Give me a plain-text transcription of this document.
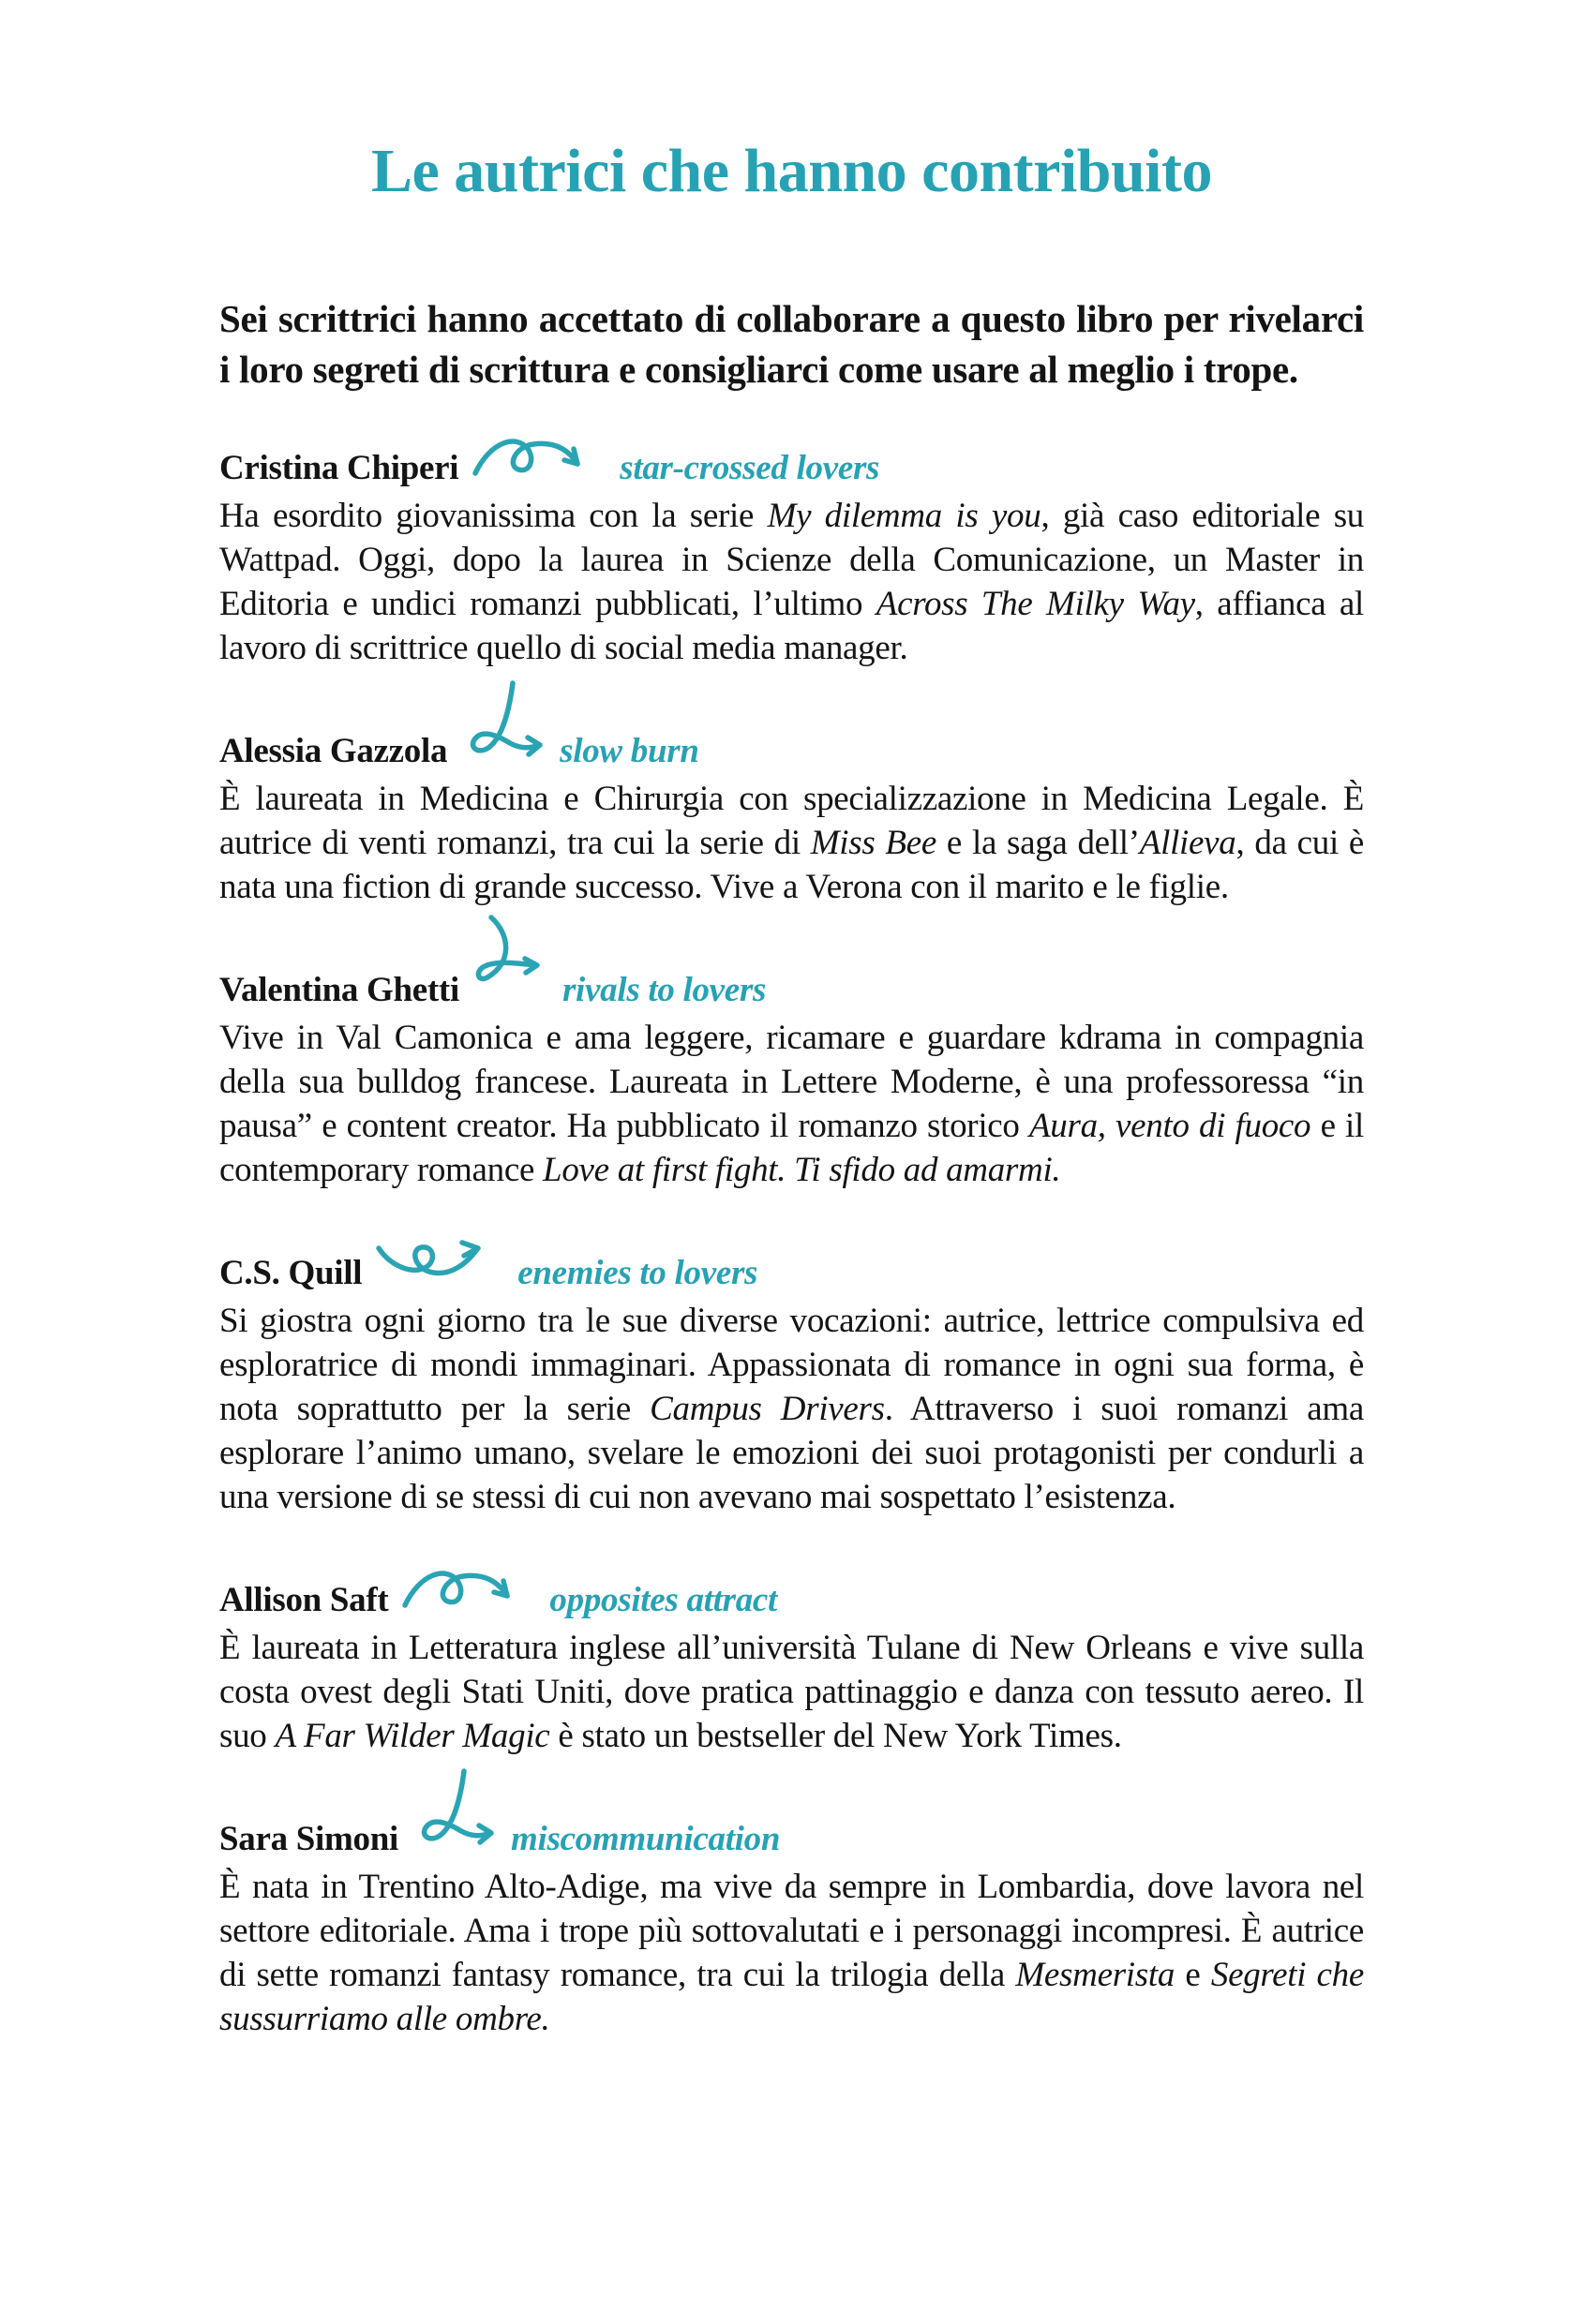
Le autrici che hanno contribuito

Sei scrittrici hanno accettato di collaborare a questo libro per rivelarci i loro segreti di scrittura e consigliarci come usare al meglio i trope.

Cristina Chiperi	star-crossed lovers

Ha esordito giovanissima con la serie My dilemma is you, già caso editoriale su Wattpad. Oggi, dopo la laurea in Scienze della Comunicazione, un Master in Editoria e undici romanzi pubblicati, l’ultimo Across The Milky Way, affianca al lavoro di scrittrice quello di social media manager.

Alessia Gazzola	slow burn

È laureata in Medicina e Chirurgia con specializzazione in Medicina Legale. È autrice di venti romanzi, tra cui la serie di Miss Bee e la saga dell’Allieva, da cui è nata una fiction di grande successo. Vive a Verona con il marito e le figlie.

Valentina Ghetti	rivals to lovers

Vive in Val Camonica e ama leggere, ricamare e guardare kdrama in compagnia della sua bulldog francese. Laureata in Lettere Moderne, è una professoressa “in pausa” e content creator. Ha pubblicato il romanzo storico Aura, vento di fuoco e il contemporary romance Love at first fight. Ti sfido ad amarmi.

C.S. Quill	enemies to lovers

Si giostra ogni giorno tra le sue diverse vocazioni: autrice, lettrice compulsiva ed esploratrice di mondi immaginari. Appassionata di romance in ogni sua forma, è nota soprattutto per la serie Campus Drivers. Attraverso i suoi romanzi ama esplorare l’animo umano, svelare le emozioni dei suoi protagonisti per condurli a una versione di se stessi di cui non avevano mai sospettato l’esistenza.

Allison Saft	opposites attract

È laureata in Letteratura inglese all’università Tulane di New Orleans e vive sulla costa ovest degli Stati Uniti, dove pratica pattinaggio e danza con tessuto aereo. Il suo A Far Wilder Magic è stato un bestseller del New York Times.

Sara Simoni	miscommunication

È nata in Trentino Alto-Adige, ma vive da sempre in Lombardia, dove lavora nel settore editoriale. Ama i trope più sottovalutati e i personaggi incompresi. È autrice di sette romanzi fantasy romance, tra cui la trilogia della Mesmerista e Segreti che sussurriamo alle ombre.
